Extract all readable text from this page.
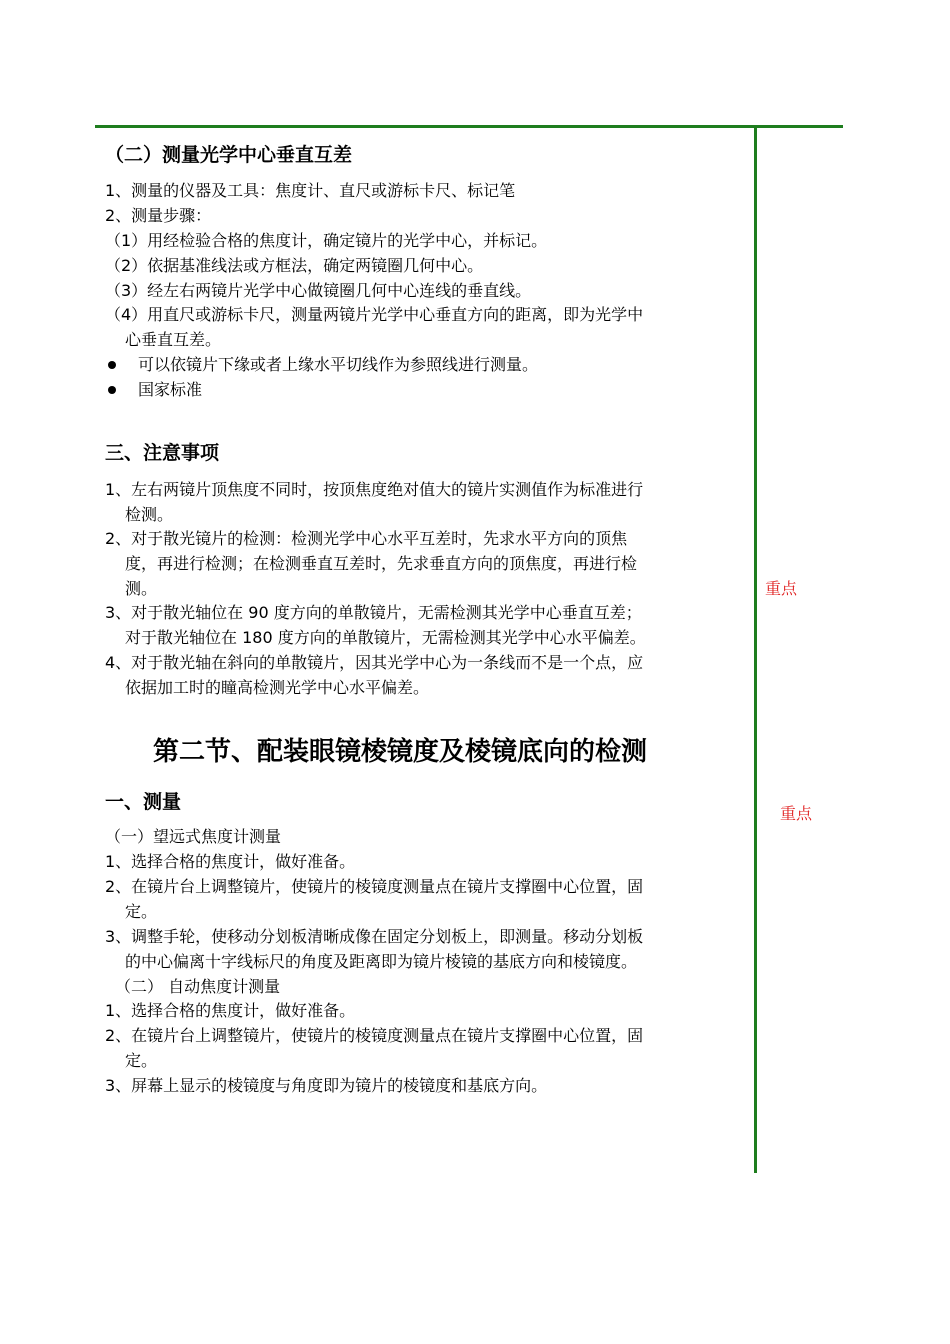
（二）测量光学中心垂直互差
1、测量的仪器及工具：焦度计、直尺或游标卡尺、标记笔
2、测量步骤：
（1）用经检验合格的焦度计，确定镜片的光学中心，并标记。
（2）依据基准线法或方框法，确定两镜圈几何中心。
（3）经左右两镜片光学中心做镜圈几何中心连线的垂直线。
（4）用直尺或游标卡尺，测量两镜片光学中心垂直方向的距离，即为光学中
心垂直互差。
可以依镜片下缘或者上缘水平切线作为参照线进行测量。
国家标准
三、注意事项
1、左右两镜片顶焦度不同时，按顶焦度绝对值大的镜片实测值作为标准进行
检测。
2、对于散光镜片的检测：检测光学中心水平互差时，先求水平方向的顶焦
度，再进行检测；在检测垂直互差时，先求垂直方向的顶焦度，再进行检
测。
3、对于散光轴位在 90 度方向的单散镜片，无需检测其光学中心垂直互差；
对于散光轴位在 180 度方向的单散镜片，无需检测其光学中心水平偏差。
4、对于散光轴在斜向的单散镜片，因其光学中心为一条线而不是一个点，应
依据加工时的瞳高检测光学中心水平偏差。
第二节、配装眼镜棱镜度及棱镜底向的检测
一、测量
（一）望远式焦度计测量
1、选择合格的焦度计，做好准备。
2、在镜片台上调整镜片，使镜片的棱镜度测量点在镜片支撑圈中心位置，固
定。
3、调整手轮，使移动分划板清晰成像在固定分划板上，即测量。移动分划板
的中心偏离十字线标尺的角度及距离即为镜片棱镜的基底方向和棱镜度。
（二） 自动焦度计测量
1、选择合格的焦度计，做好准备。
2、在镜片台上调整镜片，使镜片的棱镜度测量点在镜片支撑圈中心位置，固
定。
3、屏幕上显示的棱镜度与角度即为镜片的棱镜度和基底方向。
重点
重点
